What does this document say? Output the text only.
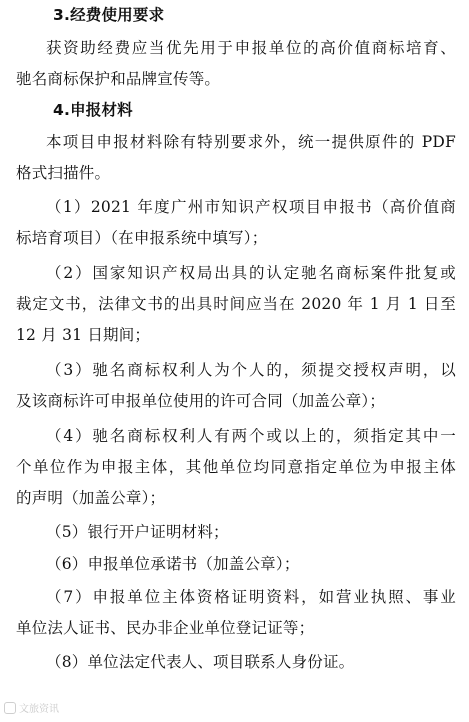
3.经费使用要求
获资助经费应当优先用于申报单位的高价值商标培育、
驰名商标保护和品牌宣传等。
4.申报材料
本项目申报材料除有特别要求外，统一提供原件的 PDF
格式扫描件。
（1）2021 年度广州市知识产权项目申报书（高价值商
标培育项目）（在申报系统中填写）；
（2）国家知识产权局出具的认定驰名商标案件批复或
裁定文书，法律文书的出具时间应当在 2020 年 1 月 1 日至
12 月 31 日期间；
（3）驰名商标权利人为个人的，须提交授权声明，以
及该商标许可申报单位使用的许可合同（加盖公章）；
（4）驰名商标权利人有两个或以上的，须指定其中一
个单位作为申报主体，其他单位均同意指定单位为申报主体
的声明（加盖公章）；
（5）银行开户证明材料；
（6）申报单位承诺书（加盖公章）；
（7）申报单位主体资格证明资料，如营业执照、事业
单位法人证书、民办非企业单位登记证等；
（8）单位法定代表人、项目联系人身份证。
文旅资讯
